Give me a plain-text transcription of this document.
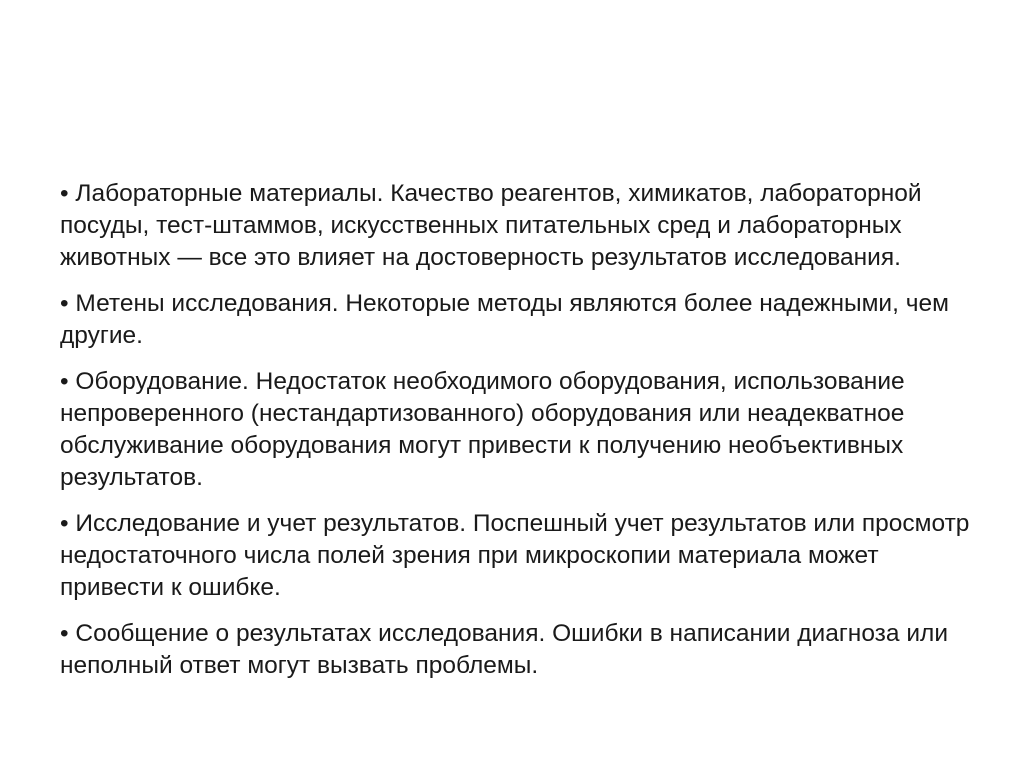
• Лабораторные материалы. Качество реагентов, химикатов, лабораторной посуды, тест-штаммов, искусственных питательных сред и лабораторных животных — все это влияет на достоверность результатов исследования.

• Метены исследования. Некоторые методы являются более надежными, чем другие.

• Оборудование. Недостаток необходимого оборудования, использование непроверенного (нестандартизованного) оборудования или неадекватное обслуживание оборудования могут привести к получению необъективных результатов.

• Исследование и учет результатов. Поспешный учет результатов или просмотр недостаточного числа полей зрения при микроскопии материала может привести к ошибке.

• Сообщение о результатах исследования. Ошибки в написании диагноза или неполный ответ могут вызвать проблемы.
